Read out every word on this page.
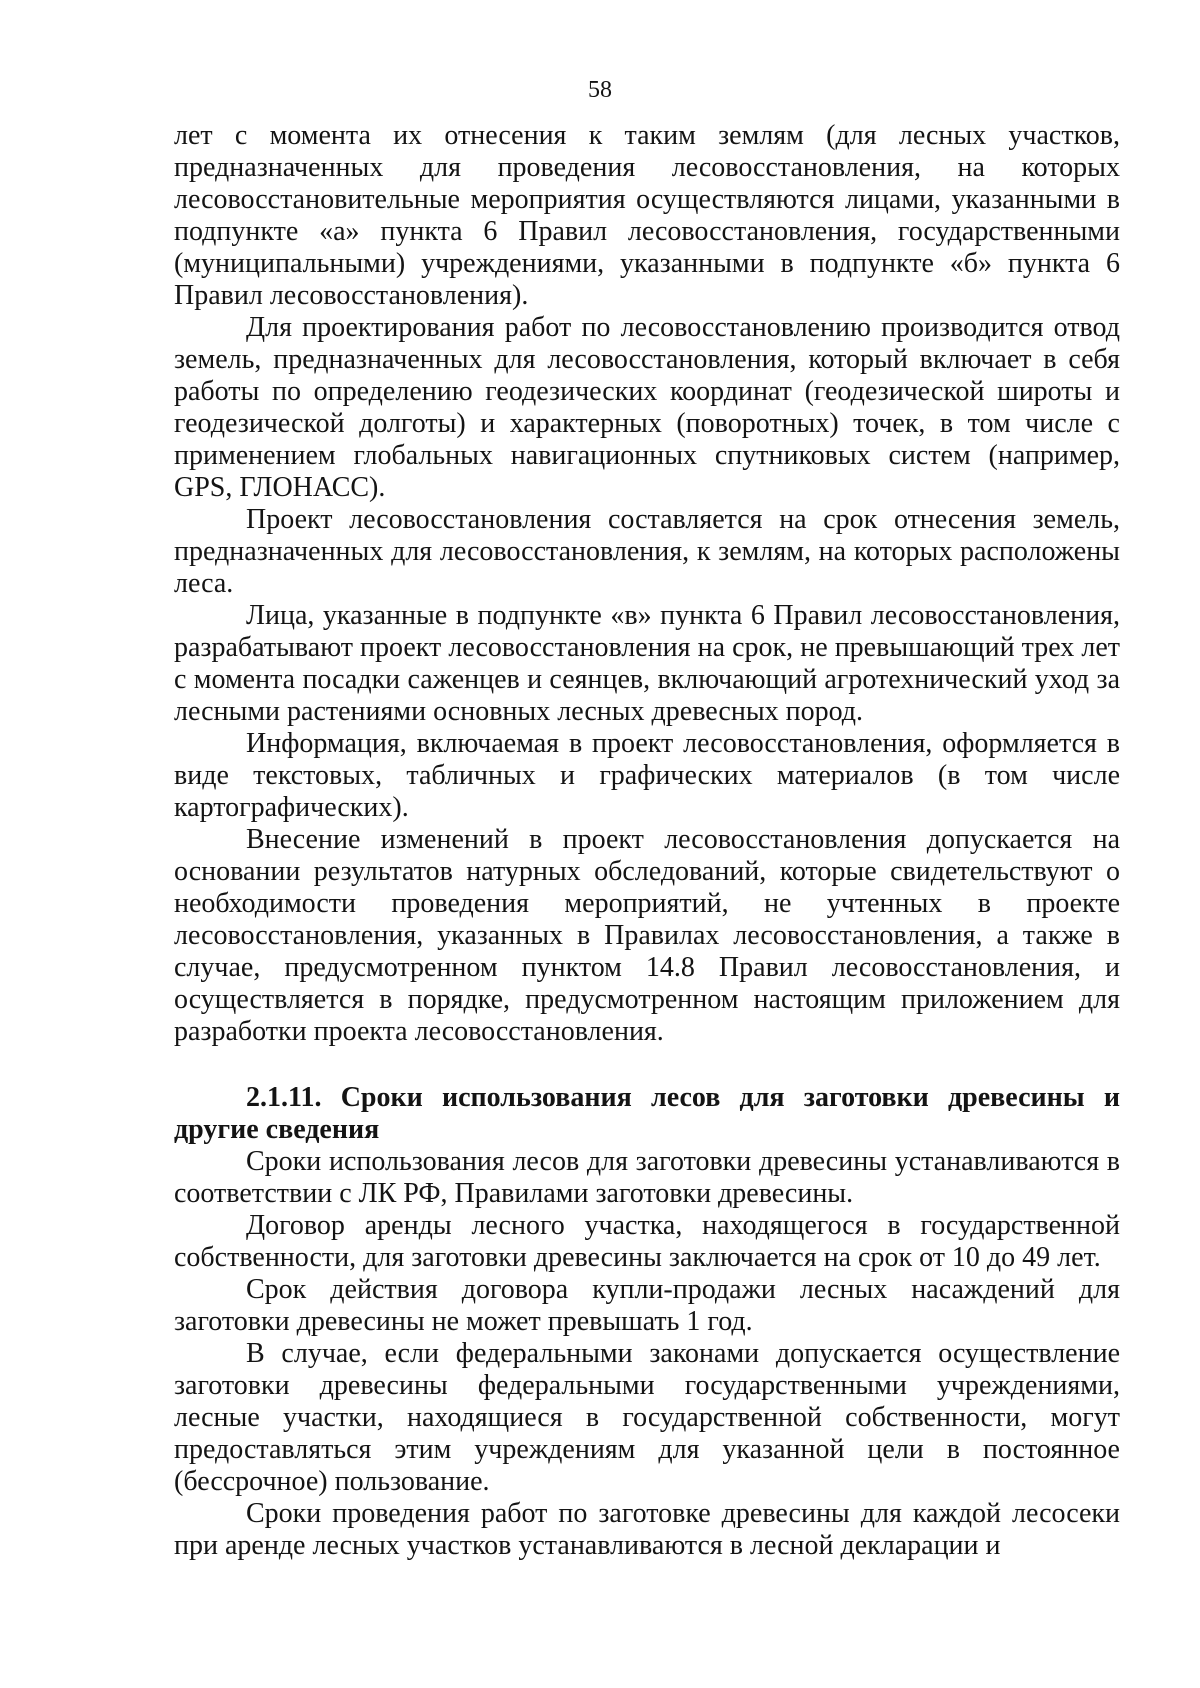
58

лет с момента их отнесения к таким землям (для лесных участков, предназначенных для проведения лесовосстановления, на которых лесовосстановительные мероприятия осуществляются лицами, указанными в подпункте «а» пункта 6 Правил лесовосстановления, государственными (муниципальными) учреждениями, указанными в подпункте «б» пункта 6 Правил лесовосстановления).

Для проектирования работ по лесовосстановлению производится отвод земель, предназначенных для лесовосстановления, который включает в себя работы по определению геодезических координат (геодезической широты и геодезической долготы) и характерных (поворотных) точек, в том числе с применением глобальных навигационных спутниковых систем (например, GPS, ГЛОНАСС).

Проект лесовосстановления составляется на срок отнесения земель, предназначенных для лесовосстановления, к землям, на которых расположены леса.

Лица, указанные в подпункте «в» пункта 6 Правил лесовосстановления, разрабатывают проект лесовосстановления на срок, не превышающий трех лет с момента посадки саженцев и сеянцев, включающий агротехнический уход за лесными растениями основных лесных древесных пород.

Информация, включаемая в проект лесовосстановления, оформляется в виде текстовых, табличных и графических материалов (в том числе картографических).

Внесение изменений в проект лесовосстановления допускается на основании результатов натурных обследований, которые свидетельствуют о необходимости проведения мероприятий, не учтенных в проекте лесовосстановления, указанных в Правилах лесовосстановления, а также в случае, предусмотренном пунктом 14.8 Правил лесовосстановления, и осуществляется в порядке, предусмотренном настоящим приложением для разработки проекта лесовосстановления.

2.1.11. Сроки использования лесов для заготовки древесины и другие сведения

Сроки использования лесов для заготовки древесины устанавливаются в соответствии с ЛК РФ, Правилами заготовки древесины.

Договор аренды лесного участка, находящегося в государственной собственности, для заготовки древесины заключается на срок от 10 до 49 лет.

Срок действия договора купли-продажи лесных насаждений для заготовки древесины не может превышать 1 год.

В случае, если федеральными законами допускается осуществление заготовки древесины федеральными государственными учреждениями, лесные участки, находящиеся в государственной собственности, могут предоставляться этим учреждениям для указанной цели в постоянное (бессрочное) пользование.

Сроки проведения работ по заготовке древесины для каждой лесосеки при аренде лесных участков устанавливаются в лесной декларации и
